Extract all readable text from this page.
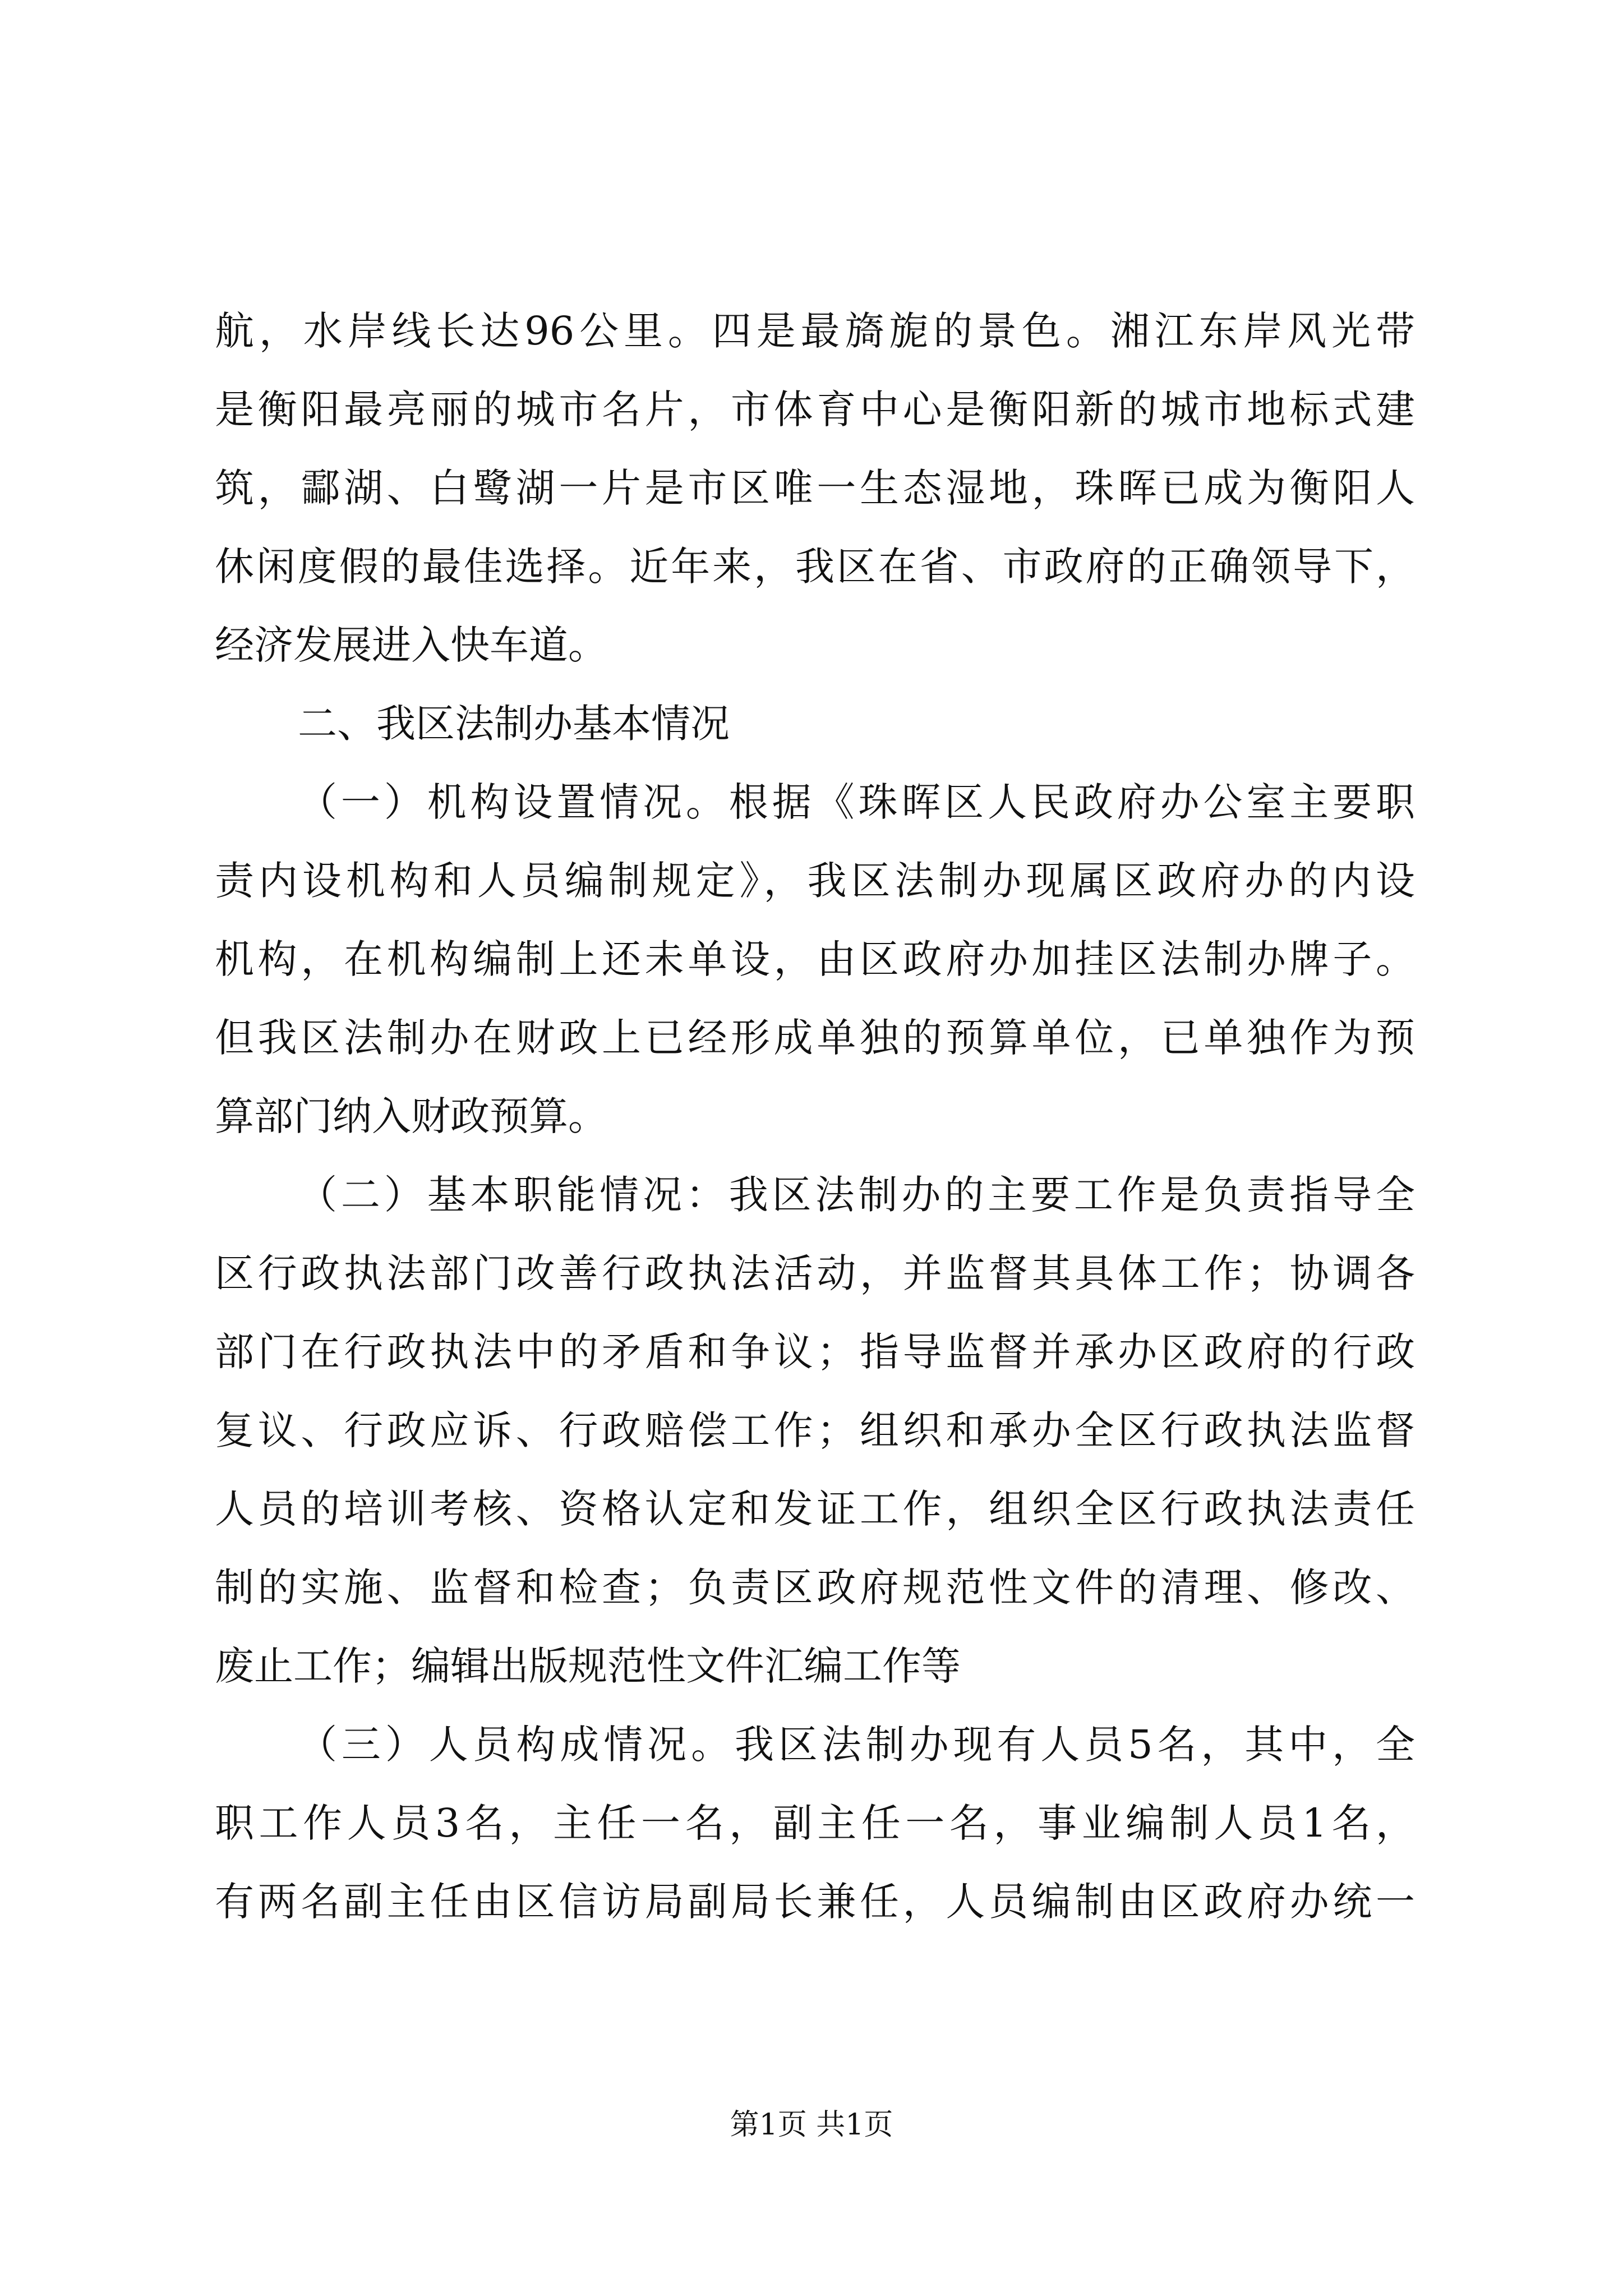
航，水岸线长达96公里。四是最旖旎的景色。湘江东岸风光带
是衡阳最亮丽的城市名片，市体育中心是衡阳新的城市地标式建
筑，酃湖、白鹭湖一片是市区唯一生态湿地，珠晖已成为衡阳人
休闲度假的最佳选择。近年来，我区在省、市政府的正确领导下，
经济发展进入快车道。
二、我区法制办基本情况
（一）机构设置情况。根据《珠晖区人民政府办公室主要职
责内设机构和人员编制规定》，我区法制办现属区政府办的内设
机构，在机构编制上还未单设，由区政府办加挂区法制办牌子。
但我区法制办在财政上已经形成单独的预算单位，已单独作为预
算部门纳入财政预算。
（二）基本职能情况：我区法制办的主要工作是负责指导全
区行政执法部门改善行政执法活动，并监督其具体工作；协调各
部门在行政执法中的矛盾和争议；指导监督并承办区政府的行政
复议、行政应诉、行政赔偿工作；组织和承办全区行政执法监督
人员的培训考核、资格认定和发证工作，组织全区行政执法责任
制的实施、监督和检查；负责区政府规范性文件的清理、修改、
废止工作；编辑出版规范性文件汇编工作等
（三）人员构成情况。我区法制办现有人员5名，其中，全
职工作人员3名，主任一名，副主任一名，事业编制人员1名，
有两名副主任由区信访局副局长兼任，人员编制由区政府办统一
第1页 共1页
